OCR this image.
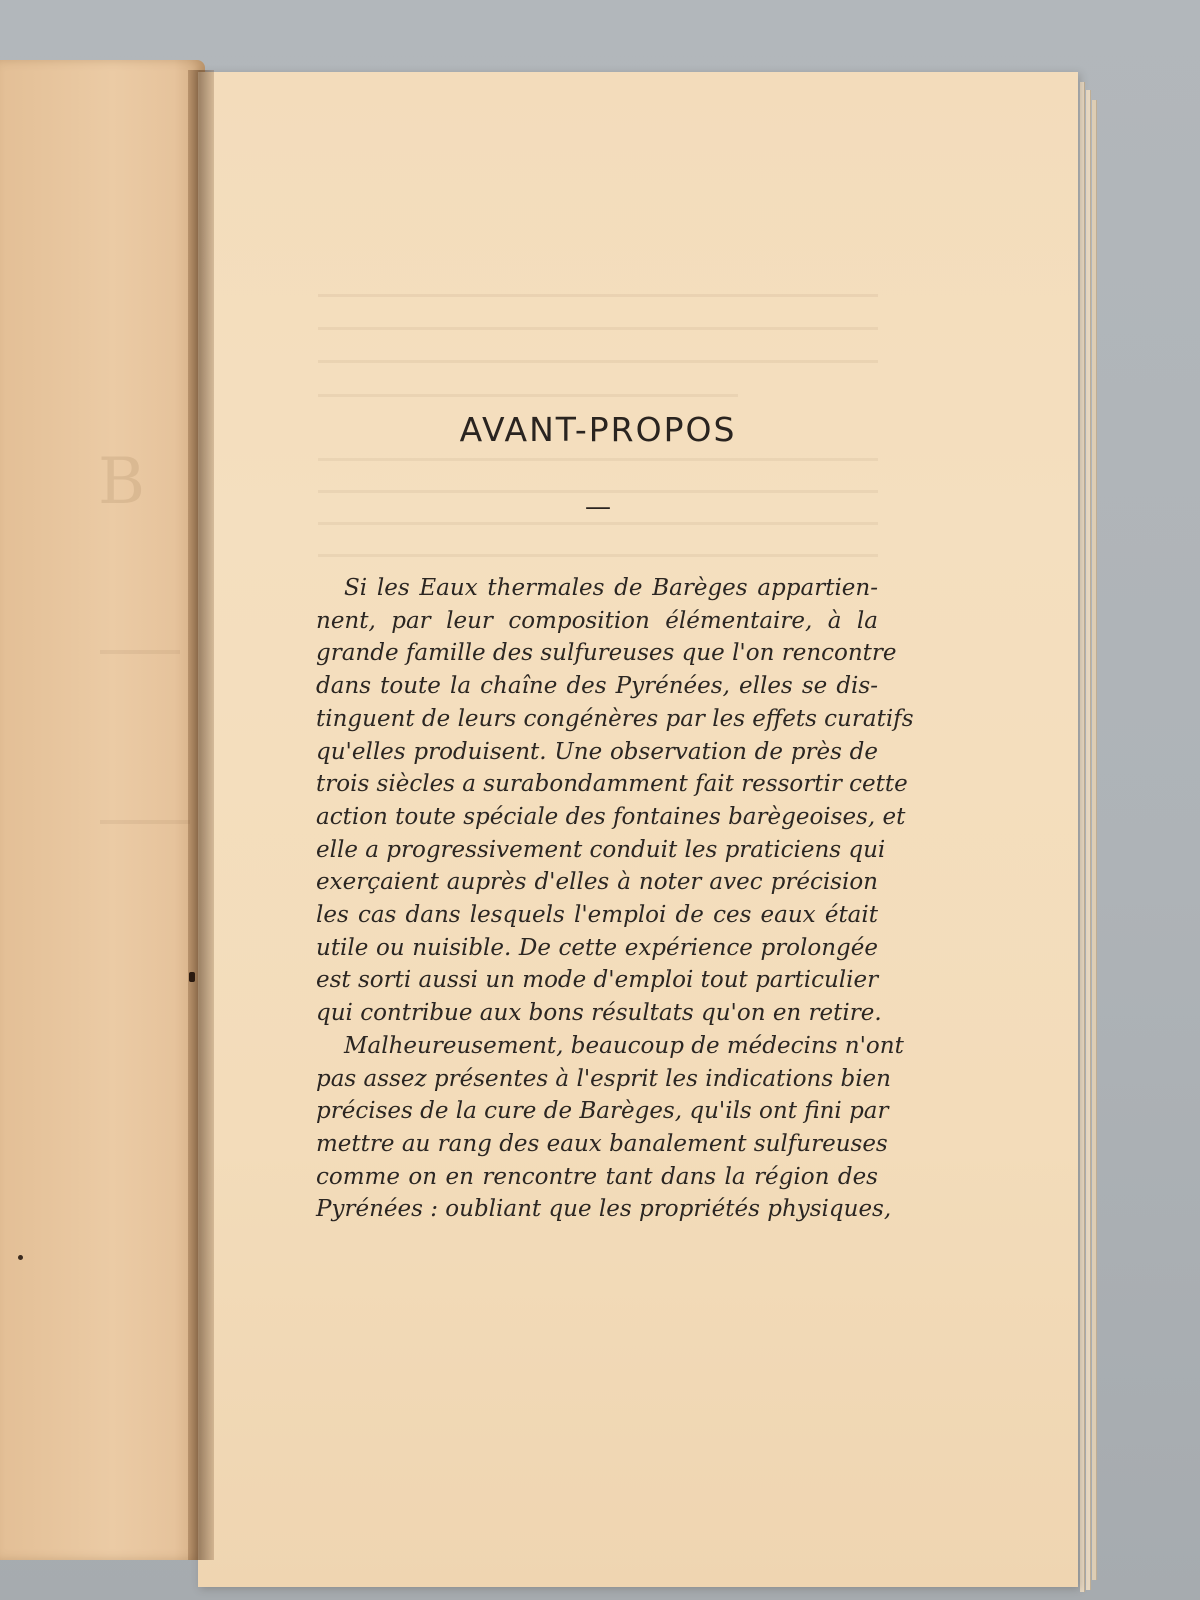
B
AVANT-PROPOS
—
Si les Eaux thermales de Barèges appartien-
nent, par leur composition élémentaire, à la
grande famille des sulfureuses que l'on rencontre
dans toute la chaîne des Pyrénées, elles se dis-
tinguent de leurs congénères par les effets curatifs
qu'elles produisent. Une observation de près de
trois siècles a surabondamment fait ressortir cette
action toute spéciale des fontaines barègeoises, et
elle a progressivement conduit les praticiens qui
exerçaient auprès d'elles à noter avec précision
les cas dans lesquels l'emploi de ces eaux était
utile ou nuisible. De cette expérience prolongée
est sorti aussi un mode d'emploi tout particulier
qui contribue aux bons résultats qu'on en retire.
Malheureusement, beaucoup de médecins n'ont
pas assez présentes à l'esprit les indications bien
précises de la cure de Barèges, qu'ils ont fini par
mettre au rang des eaux banalement sulfureuses
comme on en rencontre tant dans la région des
Pyrénées : oubliant que les propriétés physiques,
